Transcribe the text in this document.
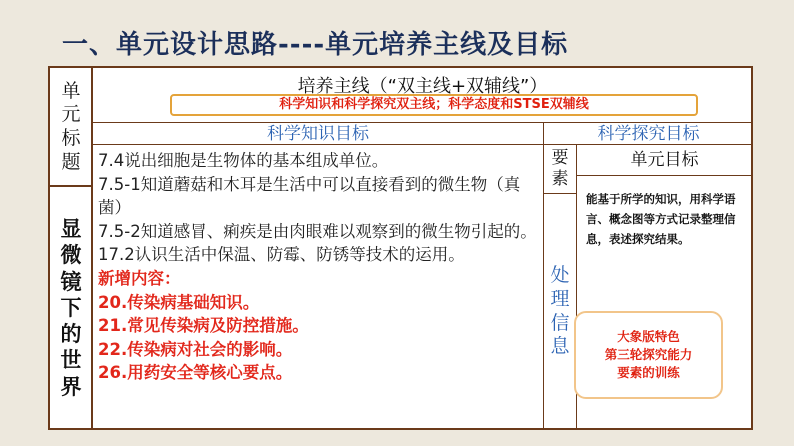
一、单元设计思路----单元培养主线及目标
单
元
标
题
显
微
镜
下
的
世
界
培养主线（“双主线+双辅线”）
科学知识和科学探究双主线；科学态度和STSE双辅线
科学知识目标	科学探究目标
7.4说出细胞是生物体的基本组成单位。
7.5-1知道蘑菇和木耳是生活中可以直接看到的微生物（真菌）
7.5-2知道感冒、痢疾是由肉眼难以观察到的微生物引起的。
17.2认识生活中保温、防霉、防锈等技术的运用。
新增内容：
20.传染病基础知识。
21.常见传染病及防控措施。
22.传染病对社会的影响。
26.用药安全等核心要点。
要
素
单元目标
处
理
信
息
能基于所学的知识，用科学语言、概念图等方式记录整理信息，表述探究结果。
大象版特色
第三轮探究能力
要素的训练
